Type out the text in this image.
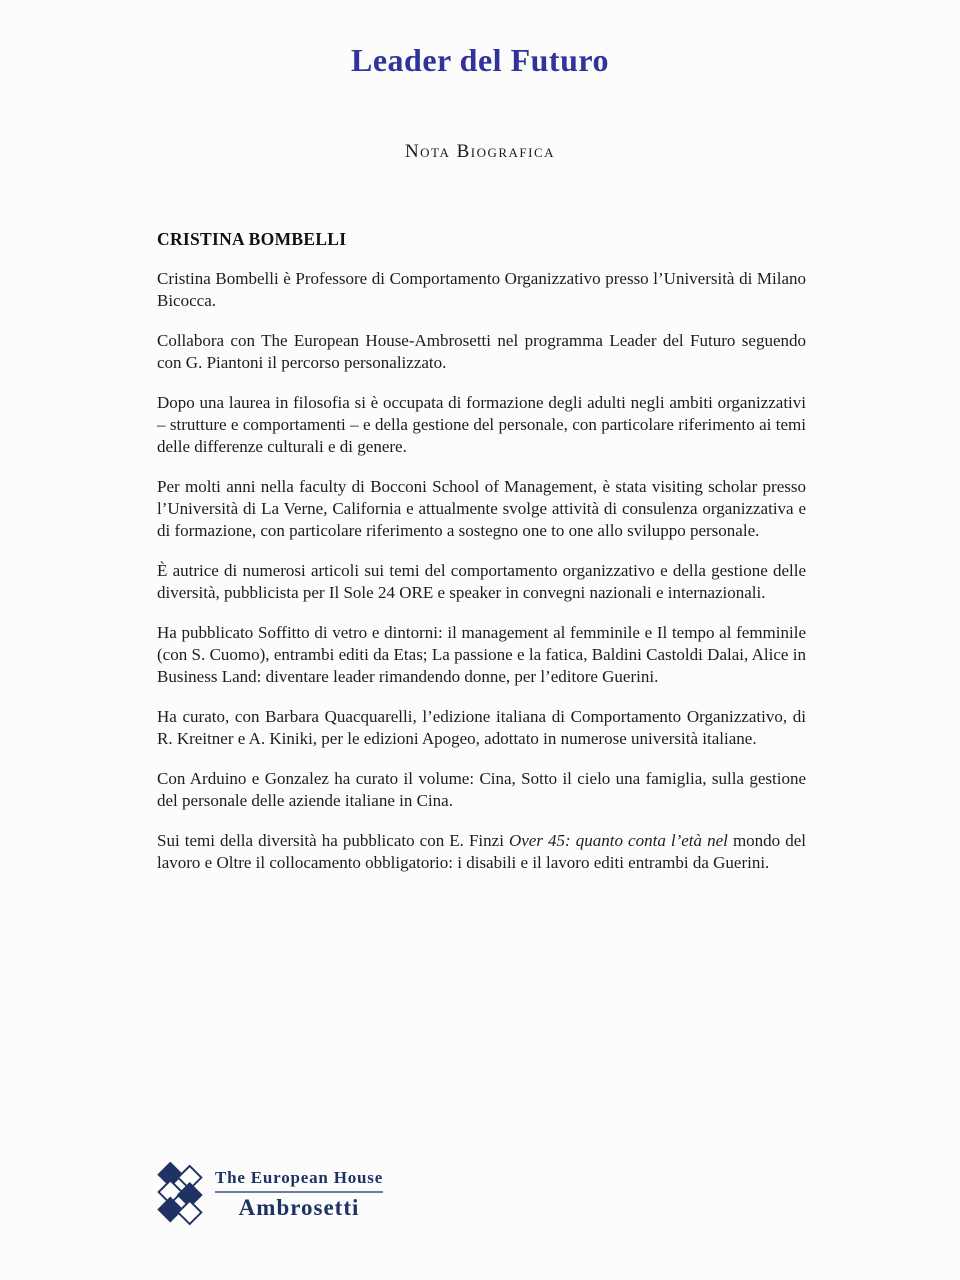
Leader del Futuro
Nota Biografica
CRISTINA BOMBELLI

Cristina Bombelli è Professore di Comportamento Organizzativo presso l’Università di Milano Bicocca.

Collabora con The European House-Ambrosetti nel programma Leader del Futuro seguendo con G. Piantoni il percorso personalizzato.

Dopo una laurea in filosofia si è occupata di formazione degli adulti negli ambiti organizzativi – strutture e comportamenti – e della gestione del personale, con particolare riferimento ai temi delle differenze culturali e di genere.

Per molti anni nella faculty di Bocconi School of Management, è stata visiting scholar presso l’Università di La Verne, California e attualmente svolge attività di consulenza organizzativa e di formazione, con particolare riferimento a sostegno one to one allo sviluppo personale.

È autrice di numerosi articoli sui temi del comportamento organizzativo e della gestione delle diversità, pubblicista per Il Sole 24 ORE e speaker in convegni nazionali e internazionali.

Ha pubblicato Soffitto di vetro e dintorni: il management al femminile e Il tempo al femminile (con S. Cuomo), entrambi editi da Etas; La passione e la fatica, Baldini Castoldi Dalai, Alice in Business Land: diventare leader rimandendo donne, per l’editore Guerini.

Ha curato, con Barbara Quacquarelli, l’edizione italiana di Comportamento Organizzativo, di R. Kreitner e A. Kiniki, per le edizioni Apogeo, adottato in numerose università italiane.

Con Arduino e Gonzalez ha curato il volume: Cina, Sotto il cielo una famiglia, sulla gestione del personale delle aziende italiane in Cina.

Sui temi della diversità ha pubblicato con E. Finzi Over 45: quanto conta l’età nel mondo del lavoro e Oltre il collocamento obbligatorio: i disabili e il lavoro editi entrambi da Guerini.

The European House
Ambrosetti
